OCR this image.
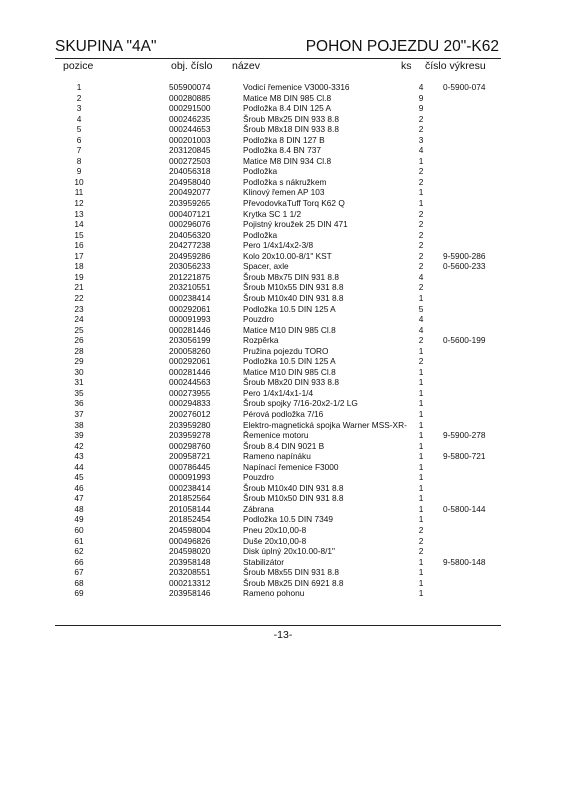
SKUPINA "4A"	POHON POJEZDU 20"-K62
pozice	obj. číslo název	ks číslo výkresu
1	505900074	Vodicí řemenice V3000-3316	4	0-5900-074
2	000280885	Matice M8 DIN 985 Cl.8	9	
3	000291500	Podložka 8.4 DIN 125 A	9	
4	000246235	Šroub M8x25 DIN 933 8.8	2	
5	000244653	Šroub M8x18 DIN 933 8.8	2	
6	000201003	Podložka 8 DIN 127 B	3	
7	203120845	Podložka 8.4 BN 737	4	
8	000272503	Matice M8 DIN 934 Cl.8	1	
9	204056318	Podložka	2	
10	204958040	Podložka s nákružkem	2	
11	200492077	Klinový řemen AP 103	1	
12	203959265	PřevodovkaTuff Torq K62 Q	1	
13	000407121	Krytka SC 1 1/2	2	
14	000296076	Pojistný kroužek 25 DIN 471	2	
15	204056320	Podložka	2	
16	204277238	Pero 1/4x1/4x2-3/8	2	
17	204959286	Kolo 20x10.00-8/1" KST	2	9-5900-286
18	203056233	Spacer, axle	2	0-5600-233
19	201221875	Šroub M8x75 DIN 931 8.8	4	
21	203210551	Šroub M10x55 DIN 931 8.8	2	
22	000238414	Šroub M10x40 DIN 931 8.8	1	
23	000292061	Podložka 10.5 DIN 125 A	5	
24	000091993	Pouzdro	4	
25	000281446	Matice M10 DIN 985 Cl.8	4	
26	203056199	Rozpěrka	2	0-5600-199
28	200058260	Pružina pojezdu TORO	1	
29	000292061	Podložka 10.5 DIN 125 A	2	
30	000281446	Matice M10 DIN 985 Cl.8	1	
31	000244563	Šroub M8x20 DIN 933 8.8	1	
35	000273955	Pero 1/4x1/4x1-1/4	1	
36	000294833	Šroub spojky 7/16-20x2-1/2 LG	1	
37	200276012	Pérová podložka 7/16	1	
38	203959280	Elektro-magnetická spojka Warner MSS-XR-	1	
39	203959278	Řemenice motoru	1	9-5900-278
42	000298760	Šroub 8.4 DIN 9021 B	1	
43	200958721	Rameno napínáku	1	9-5800-721
44	000786445	Napínací řemenice F3000	1	
45	000091993	Pouzdro	1	
46	000238414	Šroub M10x40 DIN 931 8.8	1	
47	201852564	Šroub M10x50 DIN 931 8.8	1	
48	201058144	Zábrana	1	0-5800-144
49	201852454	Podložka 10.5 DIN 7349	1	
60	204598004	Pneu 20x10,00-8	2	
61	000496826	Duše 20x10,00-8	2	
62	204598020	Disk úplný 20x10.00-8/1"	2	
66	203958148	Stabilizátor	1	9-5800-148
67	203208551	Šroub M8x55 DIN 931 8.8	1	
68	000213312	Šroub M8x25 DIN 6921 8.8	1	
69	203958146	Rameno pohonu	1	
-13-
